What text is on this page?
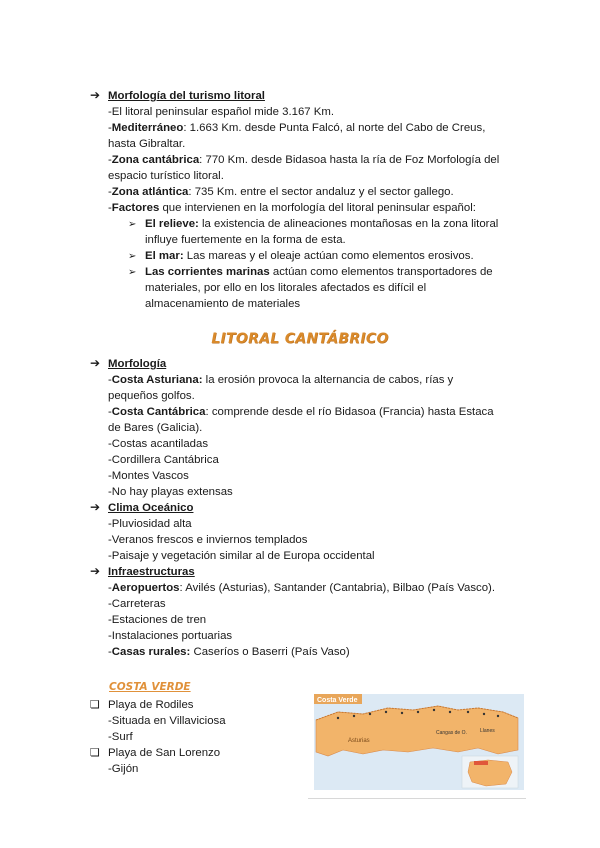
➔ Morfología del turismo litoral
-El litoral peninsular español mide 3.167 Km.
-Mediterráneo: 1.663 Km. desde Punta Falcó, al norte del Cabo de Creus,
hasta Gibraltar.
-Zona cantábrica: 770 Km. desde Bidasoa hasta la ría de Foz Morfología del
espacio turístico litoral.
-Zona atlántica: 735 Km. entre el sector andaluz y el sector gallego.
-Factores que intervienen en la morfología del litoral peninsular español:
➢ El relieve: la existencia de alineaciones montañosas en la zona litoral
influye fuertemente en la forma de esta.
➢ El mar: Las mareas y el oleaje actúan como elementos erosivos.
➢ Las corrientes marinas actúan como elementos transportadores de
materiales, por ello en los litorales afectados es difícil el
almacenamiento de materiales
LITORAL CANTÁBRICO
➔ Morfología
-Costa Asturiana: la erosión provoca la alternancia de cabos, rías y
pequeños golfos.
-Costa Cantábrica: comprende desde el río Bidasoa (Francia) hasta Estaca
de Bares (Galicia).
-Costas acantiladas
-Cordillera Cantábrica
-Montes Vascos
-No hay playas extensas
➔ Clima Oceánico
-Pluviosidad alta
-Veranos frescos e inviernos templados
-Paisaje y vegetación similar al de Europa occidental
➔ Infraestructuras
-Aeropuertos: Avilés (Asturias), Santander (Cantabria), Bilbao (País Vasco).
-Carreteras
-Estaciones de tren
-Instalaciones portuarias
-Casas rurales: Caseríos o Baserri (País Vaso)
COSTA VERDE
❏ Playa de Rodiles
-Situada en Villaviciosa
-Surf
❏ Playa de San Lorenzo
-Gijón
Costa Verde
Asturias
Cangas de O.	Llanes
